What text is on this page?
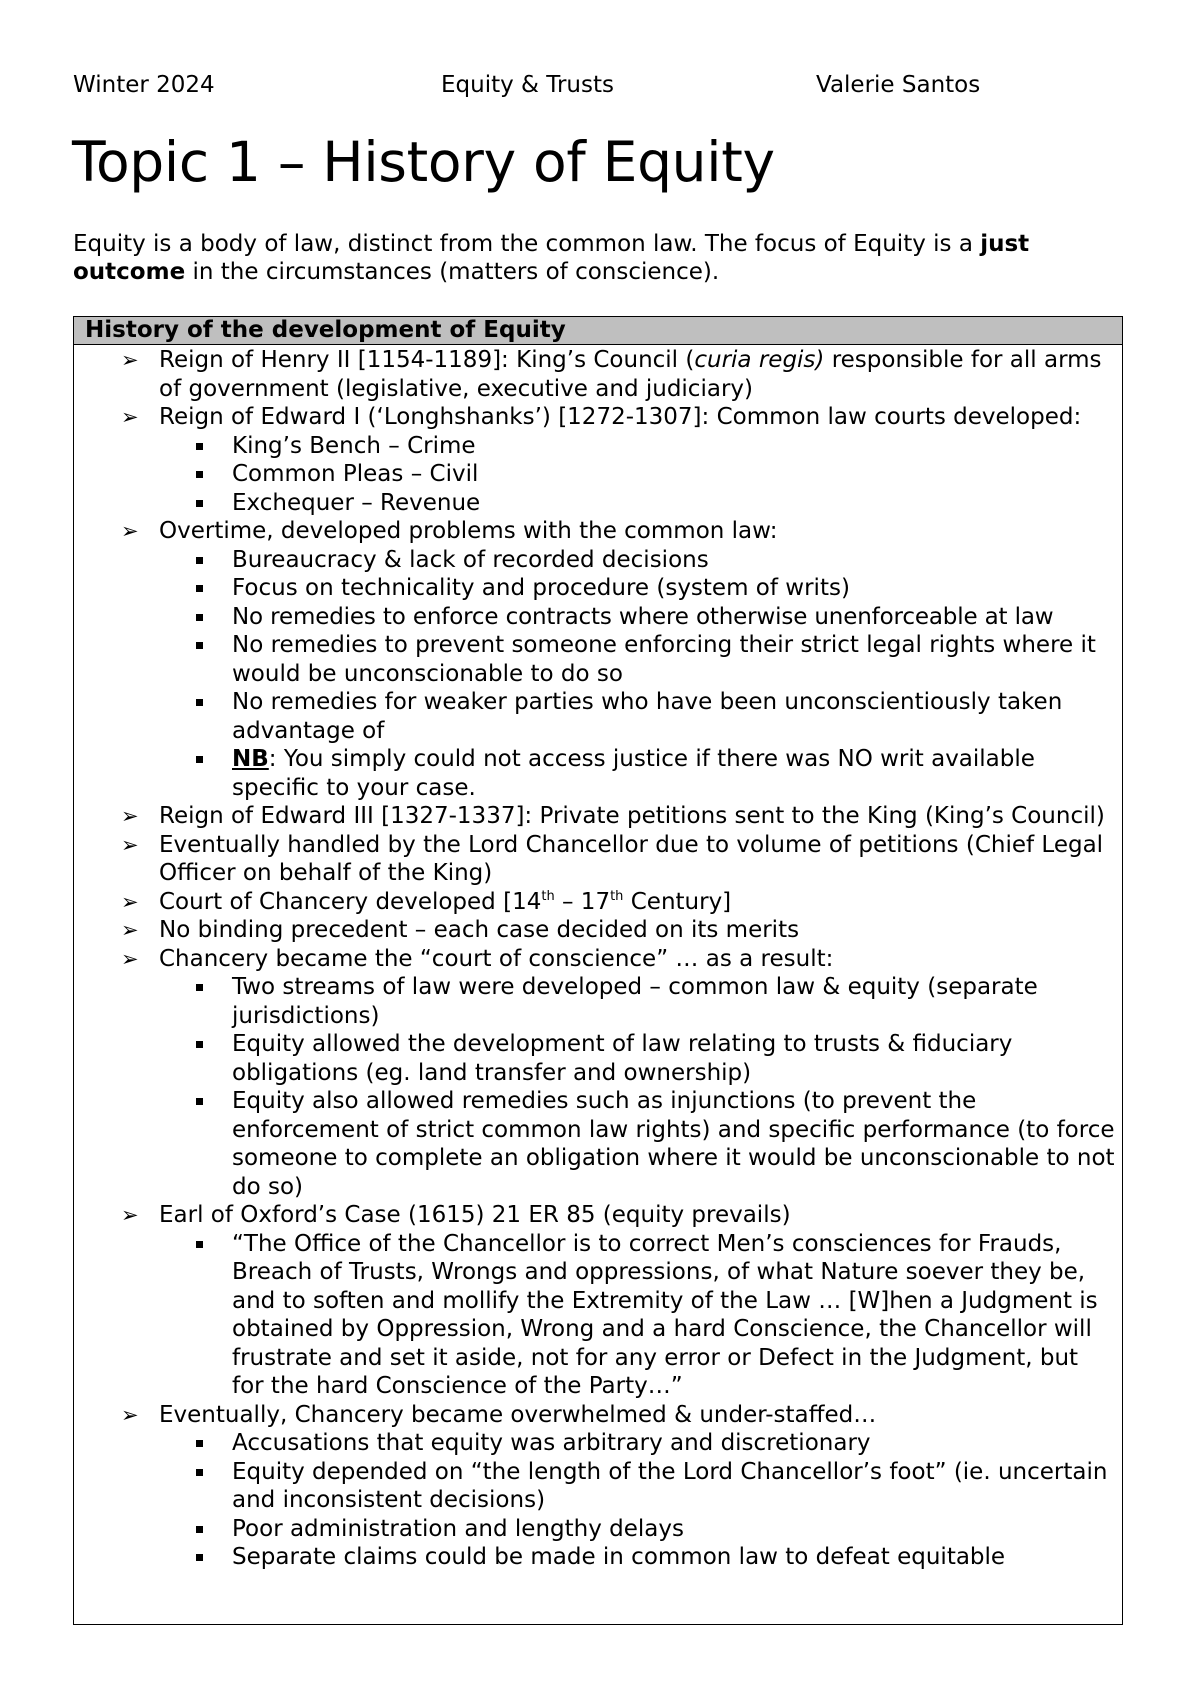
Winter 2024	Equity & Trusts	Valerie Santos
Topic 1 – History of Equity
Equity is a body of law, distinct from the common law. The focus of Equity is a just outcome in the circumstances (matters of conscience).
History of the development of Equity
➢ Reign of Henry II [1154-1189]: King’s Council (curia regis) responsible for all arms of government (legislative, executive and judiciary)
➢ Reign of Edward I (‘Longhshanks’) [1272-1307]: Common law courts developed:
King’s Bench – Crime
Common Pleas – Civil
Exchequer – Revenue
➢ Overtime, developed problems with the common law:
Bureaucracy & lack of recorded decisions
Focus on technicality and procedure (system of writs)
No remedies to enforce contracts where otherwise unenforceable at law
No remedies to prevent someone enforcing their strict legal rights where it would be unconscionable to do so
No remedies for weaker parties who have been unconscientiously taken advantage of
NB: You simply could not access justice if there was NO writ available specific to your case.
➢ Reign of Edward III [1327-1337]: Private petitions sent to the King (King’s Council)
➢ Eventually handled by the Lord Chancellor due to volume of petitions (Chief Legal Officer on behalf of the King)
➢ Court of Chancery developed [14th – 17th Century]
➢ No binding precedent – each case decided on its merits
➢ Chancery became the “court of conscience” … as a result:
Two streams of law were developed – common law & equity (separate jurisdictions)
Equity allowed the development of law relating to trusts & fiduciary obligations (eg. land transfer and ownership)
Equity also allowed remedies such as injunctions (to prevent the enforcement of strict common law rights) and specific performance (to force someone to complete an obligation where it would be unconscionable to not do so)
➢ Earl of Oxford’s Case (1615) 21 ER 85 (equity prevails)
“The Office of the Chancellor is to correct Men’s consciences for Frauds, Breach of Trusts, Wrongs and oppressions, of what Nature soever they be, and to soften and mollify the Extremity of the Law … [W]hen a Judgment is obtained by Oppression, Wrong and a hard Conscience, the Chancellor will frustrate and set it aside, not for any error or Defect in the Judgment, but for the hard Conscience of the Party…”
➢ Eventually, Chancery became overwhelmed & under-staffed…
Accusations that equity was arbitrary and discretionary
Equity depended on “the length of the Lord Chancellor’s foot” (ie. uncertain and inconsistent decisions)
Poor administration and lengthy delays
Separate claims could be made in common law to defeat equitable
